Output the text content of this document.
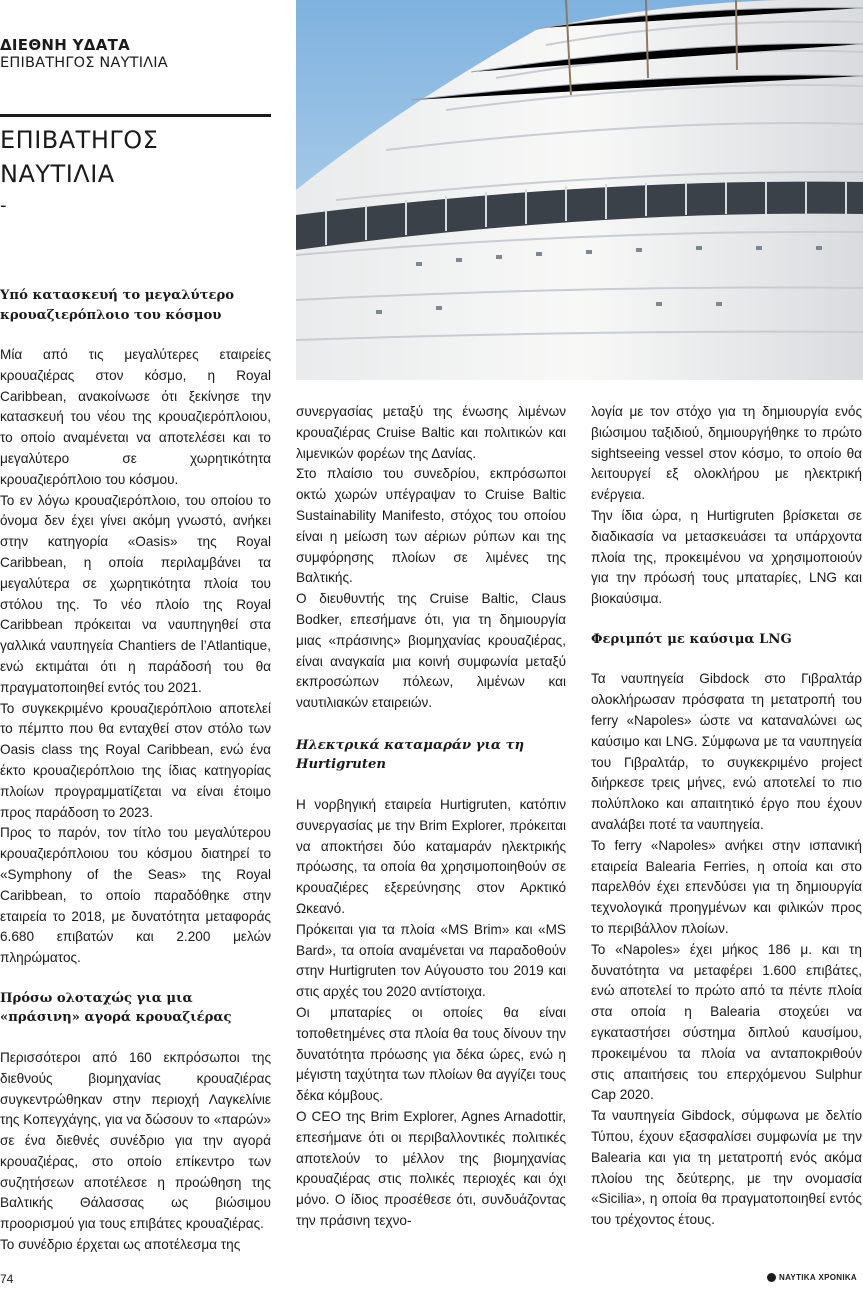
ΔΙΕΘΝΗ ΥΔΑΤΑ
ΕΠΙΒΑΤΗΓΟΣ ΝΑΥΤΙΛΙΑ
ΕΠΙΒΑΤΗΓΟΣ
ΝΑΥΤΙΛΙΑ
-
Υπό κατασκευή το μεγαλύτερο κρουαζιερόπλοιο του κόσμου

Μία από τις μεγαλύτερες εταιρείες κρουαζιέρας στον κόσμο, η Royal Caribbean, ανακοίνωσε ότι ξεκίνησε την κατασκευή του νέου της κρουαζιερόπλοιου, το οποίο αναμένεται να αποτελέσει και το μεγαλύτερο σε χωρητικότητα κρουαζιερόπλοιο του κόσμου.

Το εν λόγω κρουαζιερόπλοιο, του οποίου το όνομα δεν έχει γίνει ακόμη γνωστό, ανήκει στην κατηγορία «Oasis» της Royal Caribbean, η οποία περιλαμβάνει τα μεγαλύτερα σε χωρητικότητα πλοία του στόλου της. Το νέο πλοίο της Royal Caribbean πρόκειται να ναυπηγηθεί στα γαλλικά ναυπηγεία Chantiers de l’Atlantique, ενώ εκτιμάται ότι η παράδοσή του θα πραγματοποιηθεί εντός του 2021.

Το συγκεκριμένο κρουαζιερόπλοιο αποτελεί το πέμπτο που θα ενταχθεί στον στόλο των Oasis class της Royal Caribbean, ενώ ένα έκτο κρουαζιερόπλοιο της ίδιας κατηγορίας πλοίων προγραμματίζεται να είναι έτοιμο προς παράδοση το 2023.

Προς το παρόν, τον τίτλο του μεγαλύτερου κρουαζιερόπλοιου του κόσμου διατηρεί το «Symphony of the Seas» της Royal Caribbean, το οποίο παραδόθηκε στην εταιρεία το 2018, με δυνατότητα μεταφοράς 6.680 επιβατών και 2.200 μελών πληρώματος.

Πρόσω ολοταχώς για μια «πράσινη» αγορά κρουαζιέρας

Περισσότεροι από 160 εκπρόσωποι της διεθνούς βιομηχανίας κρουαζιέρας συγκεντρώθηκαν στην περιοχή Λαγκελίνιε της Κοπεγχάγης, για να δώσουν το «παρών» σε ένα διεθνές συνέδριο για την αγορά κρουαζιέρας, στο οποίο επίκεντρο των συζητήσεων αποτέλεσε η προώθηση της Βαλτικής Θάλασσας ως βιώσιμου προορισμού για τους επιβάτες κρουαζιέρας.

Το συνέδριο έρχεται ως αποτέλεσμα της

συνεργασίας μεταξύ της ένωσης λιμένων κρουαζιέρας Cruise Baltic και πολιτικών και λιμενικών φορέων της Δανίας.

Στο πλαίσιο του συνεδρίου, εκπρόσωποι οκτώ χωρών υπέγραψαν το Cruise Baltic Sustainability Manifesto, στόχος του οποίου είναι η μείωση των αέριων ρύπων και της συμφόρησης πλοίων σε λιμένες της Βαλτικής.

Ο διευθυντής της Cruise Baltic, Claus Bodker, επεσήμανε ότι, για τη δημιουργία μιας «πράσινης» βιομηχανίας κρουαζιέρας, είναι αναγκαία μια κοινή συμφωνία μεταξύ εκπροσώπων πόλεων, λιμένων και ναυτιλιακών εταιρειών.

Ηλεκτρικά καταμαράν για τη Hurtigruten

Η νορβηγική εταιρεία Hurtigruten, κατόπιν συνεργασίας με την Brim Explorer, πρόκειται να αποκτήσει δύο καταμαράν ηλεκτρικής πρόωσης, τα οποία θα χρησιμοποιηθούν σε κρουαζιέρες εξερεύνησης στον Αρκτικό Ωκεανό.

Πρόκειται για τα πλοία «MS Brim» και «MS Bard», τα οποία αναμένεται να παραδοθούν στην Hurtigruten τον Αύγουστο του 2019 και στις αρχές του 2020 αντίστοιχα.

Οι μπαταρίες οι οποίες θα είναι τοποθετημένες στα πλοία θα τους δίνουν την δυνατότητα πρόωσης για δέκα ώρες, ενώ η μέγιστη ταχύτητα των πλοίων θα αγγίζει τους δέκα κόμβους.

Ο CEO της Brim Explorer, Agnes Arnadottir, επεσήμανε ότι οι περιβαλλοντικές πολιτικές αποτελούν το μέλλον της βιομηχανίας κρουαζιέρας στις πολικές περιοχές και όχι μόνο. Ο ίδιος προσέθεσε ότι, συνδυάζοντας την πράσινη τεχνο-

λογία με τον στόχο για τη δημιουργία ενός βιώσιμου ταξιδιού, δημιουργήθηκε το πρώτο sightseeing vessel στον κόσμο, το οποίο θα λειτουργεί εξ ολοκλήρου με ηλεκτρική ενέργεια.

Την ίδια ώρα, η Hurtigruten βρίσκεται σε διαδικασία να μετασκευάσει τα υπάρχοντα πλοία της, προκειμένου να χρησιμοποιούν για την πρόωσή τους μπαταρίες, LNG και βιοκαύσιμα.

Φεριμπότ με καύσιμα LNG

Τα ναυπηγεία Gibdock στο Γιβραλτάρ ολοκλήρωσαν πρόσφατα τη μετατροπή του ferry «Napoles» ώστε να καταναλώνει ως καύσιμο και LNG. Σύμφωνα με τα ναυπηγεία του Γιβραλτάρ, το συγκεκριμένο project διήρκεσε τρεις μήνες, ενώ αποτελεί το πιο πολύπλοκο και απαιτητικό έργο που έχουν αναλάβει ποτέ τα ναυπηγεία.

Το ferry «Napoles» ανήκει στην ισπανική εταιρεία Balearia Ferries, η οποία και στο παρελθόν έχει επενδύσει για τη δημιουργία τεχνολογικά προηγμένων και φιλικών προς το περιβάλλον πλοίων.

Το «Napoles» έχει μήκος 186 μ. και τη δυνατότητα να μεταφέρει 1.600 επιβάτες, ενώ αποτελεί το πρώτο από τα πέντε πλοία στα οποία η Balearia στοχεύει να εγκαταστήσει σύστημα διπλού καυσίμου, προκειμένου τα πλοία να ανταποκριθούν στις απαιτήσεις του επερχόμενου Sulphur Cap 2020.

Τα ναυπηγεία Gibdock, σύμφωνα με δελτίο Τύπου, έχουν εξασφαλίσει συμφωνία με την Balearia και για τη μετατροπή ενός ακόμα πλοίου της δεύτερης, με την ονομασία «Sicilia», η οποία θα πραγματοποιηθεί εντός του τρέχοντος έτους.

74	ΝΑΥΤΙΚΑ ΧΡΟΝΙΚΑ
